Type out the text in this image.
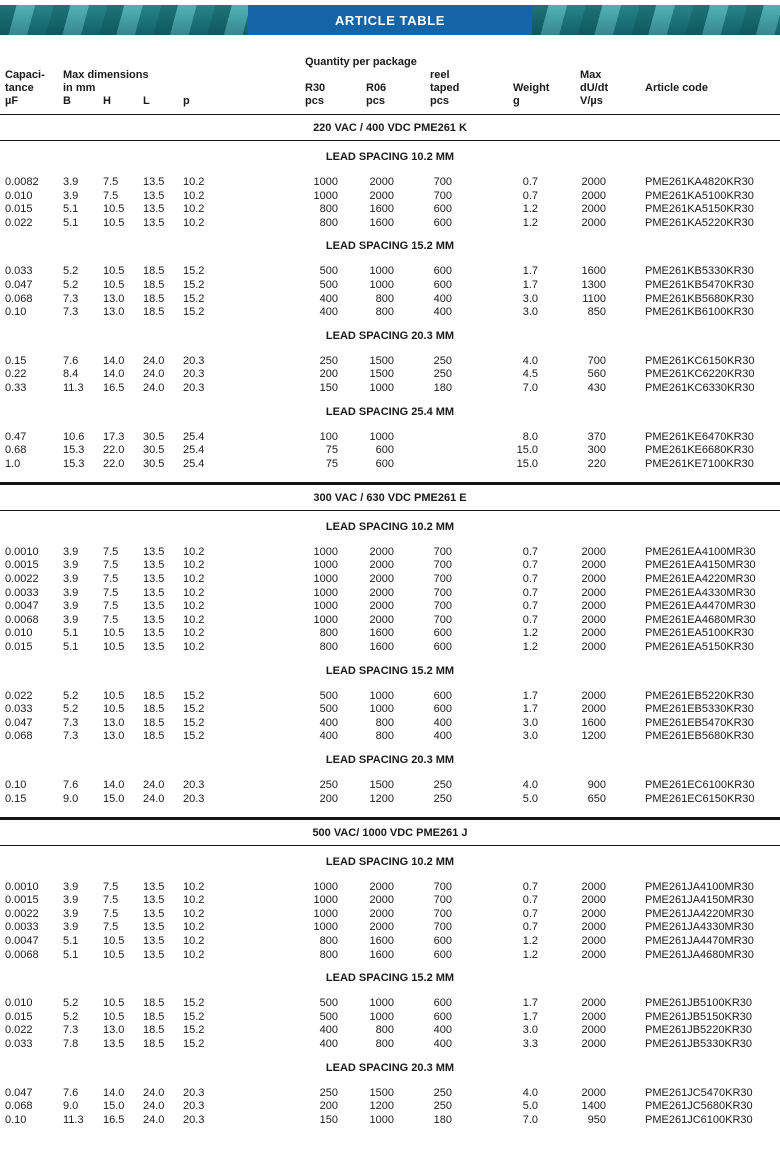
ARTICLE TABLE
					Quantity per package					
Capaci-	Max dimensions						reel		Max	
tance	in mm				R30	R06	taped	Weight	dU/dt	Article code
µF	B	H	L	p	pcs	pcs	pcs	g	V/µs	
220 VAC / 400 VDC PME261 K										
LEAD SPACING 10.2 MM										
0.0082	3.9	7.5	13.5	10.2	1000	2000	700	0.7	2000	PME261KA4820KR30
0.010	3.9	7.5	13.5	10.2	1000	2000	700	0.7	2000	PME261KA5100KR30
0.015	5.1	10.5	13.5	10.2	800	1600	600	1.2	2000	PME261KA5150KR30
0.022	5.1	10.5	13.5	10.2	800	1600	600	1.2	2000	PME261KA5220KR30
LEAD SPACING 15.2 MM										
0.033	5.2	10.5	18.5	15.2	500	1000	600	1.7	1600	PME261KB5330KR30
0.047	5.2	10.5	18.5	15.2	500	1000	600	1.7	1300	PME261KB5470KR30
0.068	7.3	13.0	18.5	15.2	400	800	400	3.0	1100	PME261KB5680KR30
0.10	7.3	13.0	18.5	15.2	400	800	400	3.0	850	PME261KB6100KR30
LEAD SPACING 20.3 MM										
0.15	7.6	14.0	24.0	20.3	250	1500	250	4.0	700	PME261KC6150KR30
0.22	8.4	14.0	24.0	20.3	200	1500	250	4.5	560	PME261KC6220KR30
0.33	11.3	16.5	24.0	20.3	150	1000	180	7.0	430	PME261KC6330KR30
LEAD SPACING 25.4 MM										
0.47	10.6	17.3	30.5	25.4	100	1000		8.0	370	PME261KE6470KR30
0.68	15.3	22.0	30.5	25.4	75	600		15.0	300	PME261KE6680KR30
1.0	15.3	22.0	30.5	25.4	75	600		15.0	220	PME261KE7100KR30

300 VAC / 630 VDC PME261 E										
LEAD SPACING 10.2 MM										
0.0010	3.9	7.5	13.5	10.2	1000	2000	700	0.7	2000	PME261EA4100MR30
0.0015	3.9	7.5	13.5	10.2	1000	2000	700	0.7	2000	PME261EA4150MR30
0.0022	3.9	7.5	13.5	10.2	1000	2000	700	0.7	2000	PME261EA4220MR30
0.0033	3.9	7.5	13.5	10.2	1000	2000	700	0.7	2000	PME261EA4330MR30
0.0047	3.9	7.5	13.5	10.2	1000	2000	700	0.7	2000	PME261EA4470MR30
0.0068	3.9	7.5	13.5	10.2	1000	2000	700	0.7	2000	PME261EA4680MR30
0.010	5.1	10.5	13.5	10.2	800	1600	600	1.2	2000	PME261EA5100KR30
0.015	5.1	10.5	13.5	10.2	800	1600	600	1.2	2000	PME261EA5150KR30
LEAD SPACING 15.2 MM										
0.022	5.2	10.5	18.5	15.2	500	1000	600	1.7	2000	PME261EB5220KR30
0.033	5.2	10.5	18.5	15.2	500	1000	600	1.7	2000	PME261EB5330KR30
0.047	7.3	13.0	18.5	15.2	400	800	400	3.0	1600	PME261EB5470KR30
0.068	7.3	13.0	18.5	15.2	400	800	400	3.0	1200	PME261EB5680KR30
LEAD SPACING 20.3 MM										
0.10	7.6	14.0	24.0	20.3	250	1500	250	4.0	900	PME261EC6100KR30
0.15	9.0	15.0	24.0	20.3	200	1200	250	5.0	650	PME261EC6150KR30

500 VAC/ 1000 VDC PME261 J										
LEAD SPACING 10.2 MM										
0.0010	3.9	7.5	13.5	10.2	1000	2000	700	0.7	2000	PME261JA4100MR30
0.0015	3.9	7.5	13.5	10.2	1000	2000	700	0.7	2000	PME261JA4150MR30
0.0022	3.9	7.5	13.5	10.2	1000	2000	700	0.7	2000	PME261JA4220MR30
0.0033	3.9	7.5	13.5	10.2	1000	2000	700	0.7	2000	PME261JA4330MR30
0.0047	5.1	10.5	13.5	10.2	800	1600	600	1.2	2000	PME261JA4470MR30
0.0068	5.1	10.5	13.5	10.2	800	1600	600	1.2	2000	PME261JA4680MR30
LEAD SPACING 15.2 MM										
0.010	5.2	10.5	18.5	15.2	500	1000	600	1.7	2000	PME261JB5100KR30
0.015	5.2	10.5	18.5	15.2	500	1000	600	1.7	2000	PME261JB5150KR30
0.022	7.3	13.0	18.5	15.2	400	800	400	3.0	2000	PME261JB5220KR30
0.033	7.8	13.5	18.5	15.2	400	800	400	3.3	2000	PME261JB5330KR30
LEAD SPACING 20.3 MM										
0.047	7.6	14.0	24.0	20.3	250	1500	250	4.0	2000	PME261JC5470KR30
0.068	9.0	15.0	24.0	20.3	200	1200	250	5.0	1400	PME261JC5680KR30
0.10	11.3	16.5	24.0	20.3	150	1000	180	7.0	950	PME261JC6100KR30
